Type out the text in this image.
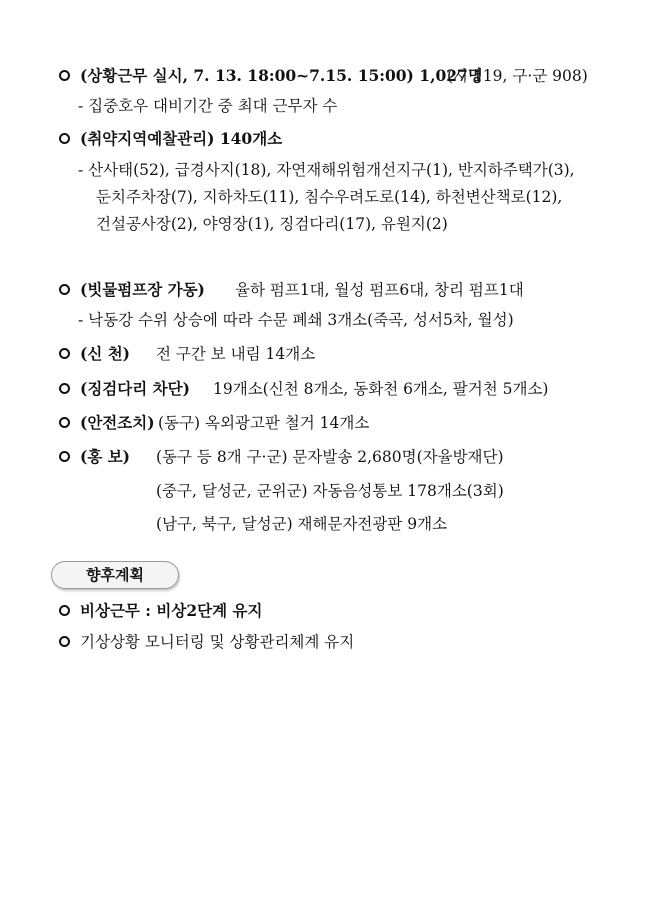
(상황근무 실시, 7. 13. 18:00~7.15. 15:00) 1,027명
(시 119, 구·군 908)
- 집중호우 대비기간 중 최대 근무자 수
(취약지역예찰관리) 140개소
- 산사태(52), 급경사지(18), 자연재해위험개선지구(1), 반지하주택가(3),
둔치주차장(7), 지하차도(11), 침수우려도로(14), 하천변산책로(12),
건설공사장(2), 야영장(1), 징검다리(17), 유원지(2)
(빗물펌프장 가동) 율하 펌프1대, 월성 펌프6대, 창리 펌프1대
- 낙동강 수위 상승에 따라 수문 폐쇄 3개소(죽곡, 성서5차, 월성)
(신 천) 전 구간 보 내림 14개소
(징검다리 차단) 19개소(신천 8개소, 동화천 6개소, 팔거천 5개소)
(안전조치) (동구) 옥외광고판 철거 14개소
(홍 보) (동구 등 8개 구·군) 문자발송 2,680명(자율방재단)
(중구, 달성군, 군위군) 자동음성통보 178개소(3회)
(남구, 북구, 달성군) 재해문자전광판 9개소
향후계획
비상근무 : 비상2단계 유지
기상상황 모니터링 및 상황관리체계 유지
